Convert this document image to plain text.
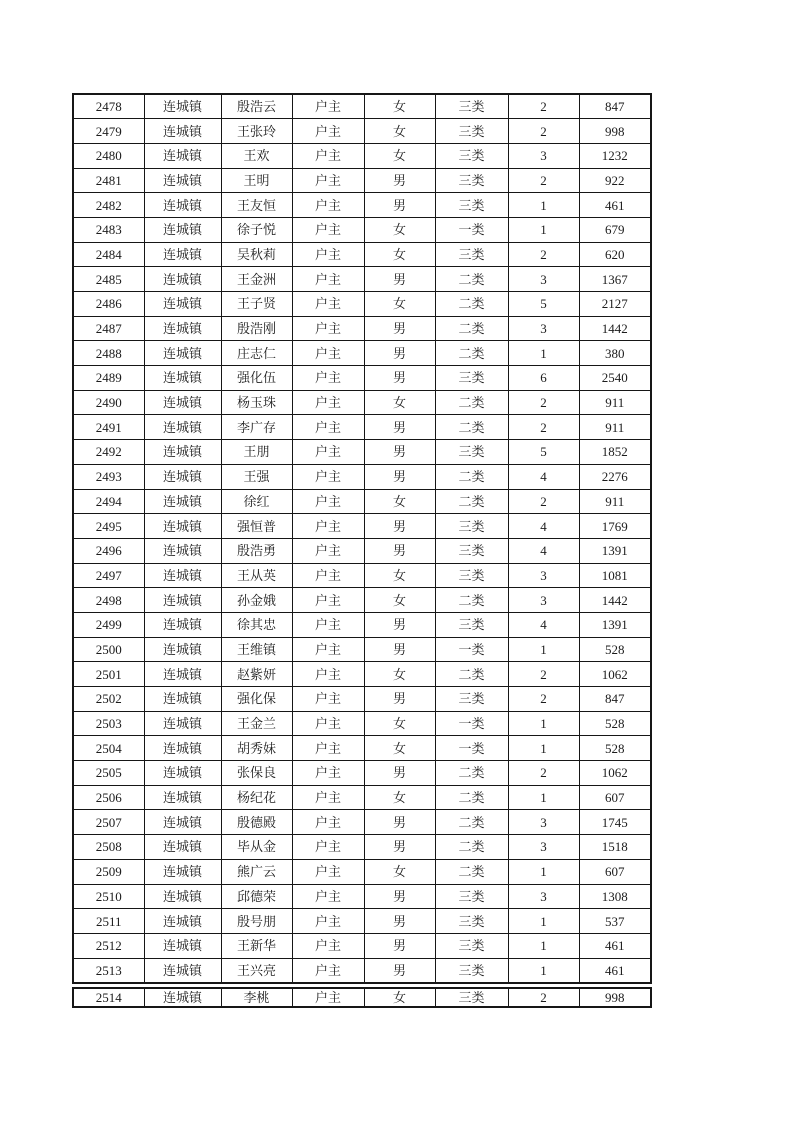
2478	连城镇	殷浩云	户主	女	三类	2	847
2479	连城镇	王张玲	户主	女	三类	2	998
2480	连城镇	王欢	户主	女	三类	3	1232
2481	连城镇	王明	户主	男	三类	2	922
2482	连城镇	王友恒	户主	男	三类	1	461
2483	连城镇	徐子悦	户主	女	一类	1	679
2484	连城镇	吴秋莉	户主	女	三类	2	620
2485	连城镇	王金洲	户主	男	二类	3	1367
2486	连城镇	王子贤	户主	女	二类	5	2127
2487	连城镇	殷浩刚	户主	男	二类	3	1442
2488	连城镇	庄志仁	户主	男	二类	1	380
2489	连城镇	强化伍	户主	男	三类	6	2540
2490	连城镇	杨玉珠	户主	女	二类	2	911
2491	连城镇	李广存	户主	男	二类	2	911
2492	连城镇	王朋	户主	男	三类	5	1852
2493	连城镇	王强	户主	男	二类	4	2276
2494	连城镇	徐红	户主	女	二类	2	911
2495	连城镇	强恒普	户主	男	三类	4	1769
2496	连城镇	殷浩勇	户主	男	三类	4	1391
2497	连城镇	王从英	户主	女	三类	3	1081
2498	连城镇	孙金娥	户主	女	二类	3	1442
2499	连城镇	徐其忠	户主	男	三类	4	1391
2500	连城镇	王维镇	户主	男	一类	1	528
2501	连城镇	赵紫妍	户主	女	二类	2	1062
2502	连城镇	强化保	户主	男	三类	2	847
2503	连城镇	王金兰	户主	女	一类	1	528
2504	连城镇	胡秀妹	户主	女	一类	1	528
2505	连城镇	张保良	户主	男	二类	2	1062
2506	连城镇	杨纪花	户主	女	二类	1	607
2507	连城镇	殷德殿	户主	男	二类	3	1745
2508	连城镇	毕从金	户主	男	二类	3	1518
2509	连城镇	熊广云	户主	女	二类	1	607
2510	连城镇	邱德荣	户主	男	三类	3	1308
2511	连城镇	殷号朋	户主	男	三类	1	537
2512	连城镇	王新华	户主	男	三类	1	461
2513	连城镇	王兴亮	户主	男	三类	1	461
2514	连城镇	李桃	户主	女	三类	2	998
